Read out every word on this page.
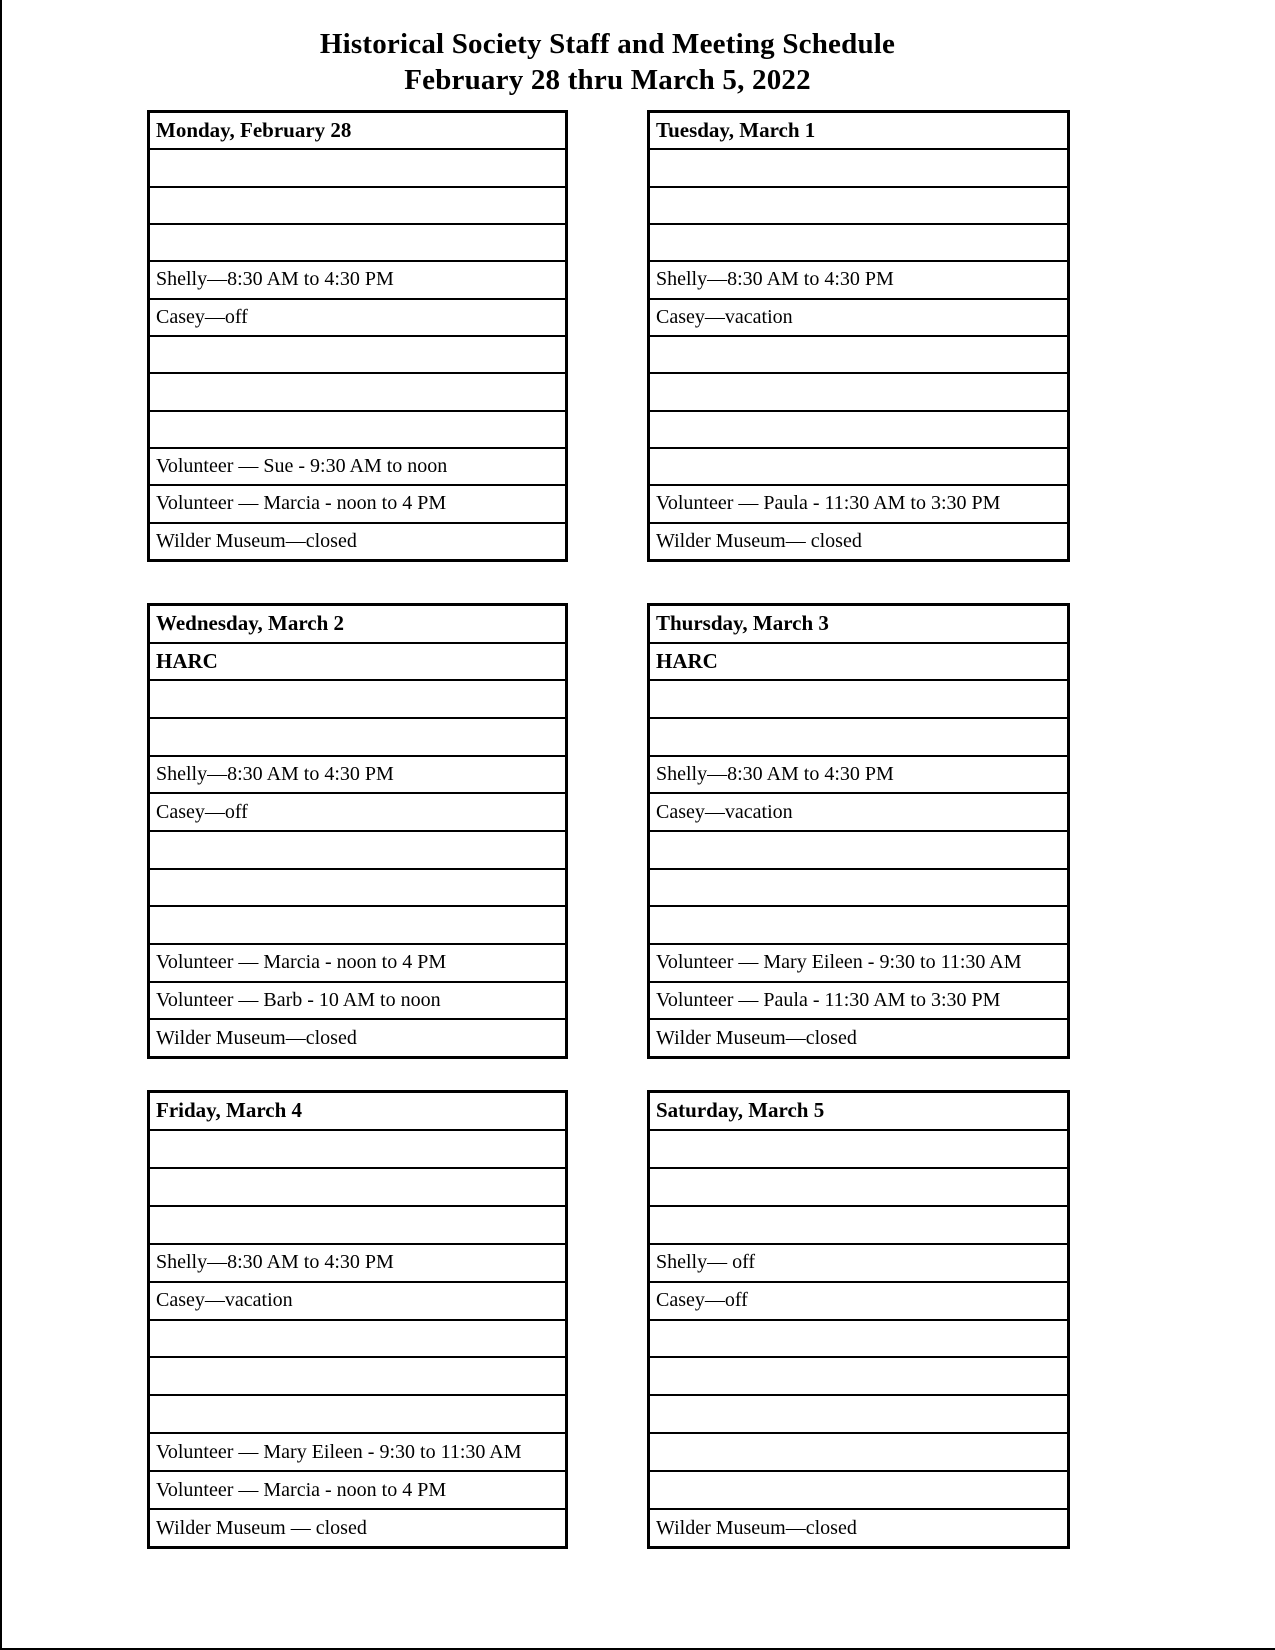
Historical Society Staff and Meeting Schedule
February 28 thru March 5, 2022
Monday, February 28
Shelly—8:30 AM to 4:30 PM
Casey—off
Volunteer — Sue - 9:30 AM to noon
Volunteer — Marcia - noon to 4 PM
Wilder Museum—closed
Tuesday, March 1
Shelly—8:30 AM to 4:30 PM
Casey—vacation
Volunteer — Paula - 11:30 AM to 3:30 PM
Wilder Museum— closed
Wednesday, March 2
HARC
Shelly—8:30 AM to 4:30 PM
Casey—off
Volunteer — Marcia - noon to 4 PM
Volunteer — Barb - 10 AM to noon
Wilder Museum—closed
Thursday, March 3
HARC
Shelly—8:30 AM to 4:30 PM
Casey—vacation
Volunteer — Mary Eileen - 9:30 to 11:30 AM
Volunteer — Paula - 11:30 AM to 3:30 PM
Wilder Museum—closed
Friday, March 4
Shelly—8:30 AM to 4:30 PM
Casey—vacation
Volunteer — Mary Eileen - 9:30 to 11:30 AM
Volunteer — Marcia - noon to 4 PM
Wilder Museum — closed
Saturday, March 5
Shelly— off
Casey—off
Wilder Museum—closed
